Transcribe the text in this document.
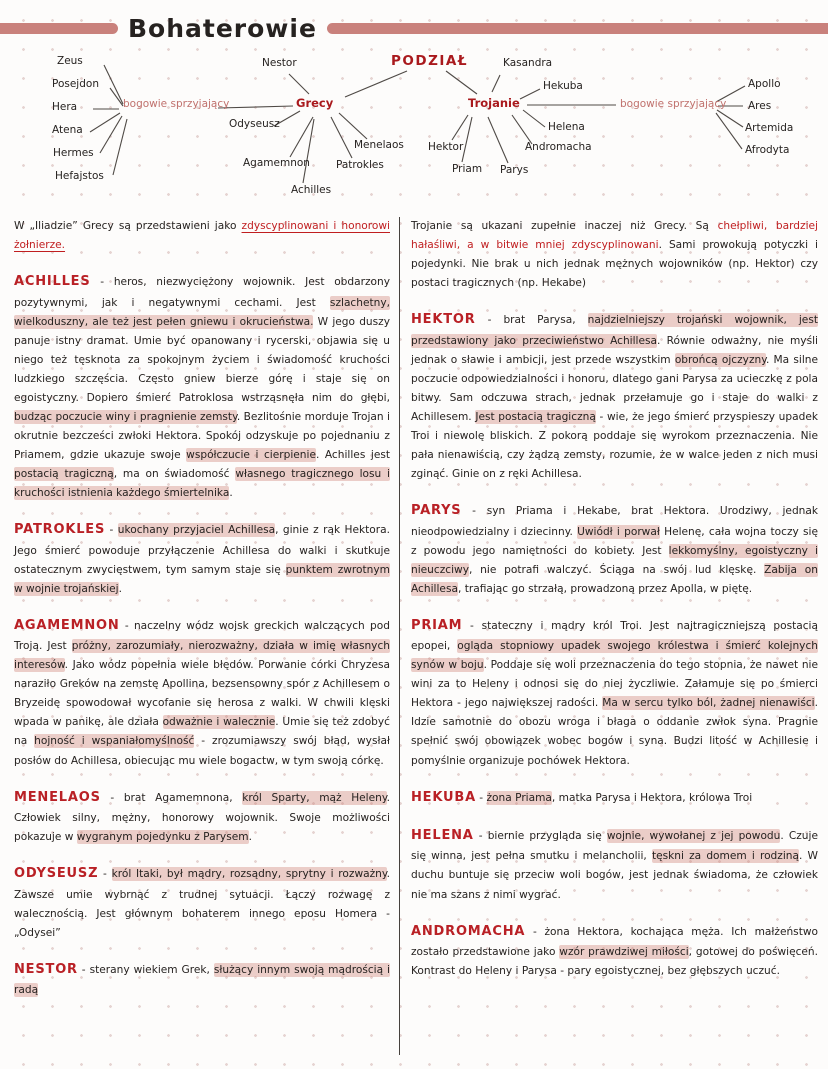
Bohaterowie
PODZIAŁ
bogowie sprzyjający	bogowie sprzyjający
Grecy	Trojanie
Zeus
Posejdon
Hera
Atena
Hermes
Hefajstos
Nestor
Odyseusz
Agamemnon
Achilles
Patrokles
Menelaos
Kasandra
Hekuba
Helena
Andromacha
Hektor
Priam Parys
Apollo
Ares
Artemida
Afrodyta

W „Iliadzie” Grecy są przedstawieni jako zdyscyplinowani i honorowi żołnierze.

ACHILLES - heros, niezwyciężony wojownik. Jest obdarzony pozytywnymi, jak i negatywnymi cechami. Jest szlachetny, wielkoduszny, ale też jest pełen gniewu i okrucieństwa. W jego duszy panuje istny dramat. Umie być opanowany i rycerski, objawia się u niego też tęsknota za spokojnym życiem i świadomość kruchości ludzkiego szczęścia. Często gniew bierze górę i staje się on egoistyczny. Dopiero śmierć Patroklosa wstrząsnęła nim do głębi, budząc poczucie winy i pragnienie zemsty. Bezlitośnie morduje Trojan i okrutnie bezcześci zwłoki Hektora. Spokój odzyskuje po pojednaniu z Priamem, gdzie ukazuje swoje współczucie i cierpienie. Achilles jest postacią tragiczną, ma on świadomość własnego tragicznego losu i kruchości istnienia każdego śmiertelnika.

PATROKLES - ukochany przyjaciel Achillesa, ginie z rąk Hektora. Jego śmierć powoduje przyłączenie Achillesa do walki i skutkuje ostatecznym zwycięstwem, tym samym staje się punktem zwrotnym w wojnie trojańskiej.

AGAMEMNON - naczelny wódz wojsk greckich walczących pod Troją. Jest próżny, zarozumiały, nierozważny, działa w imię własnych interesów. Jako wódz popełnia wiele błędów. Porwanie córki Chryzesa naraziło Greków na zemstę Apollina, bezsensowny spór z Achillesem o Bryzeidę spowodował wycofanie się herosa z walki. W chwili klęski wpada w panikę, ale działa odważnie i walecznie. Umie się też zdobyć na hojność i wspaniałomyślność - zrozumiawszy swój błąd, wysłał posłów do Achillesa, obiecując mu wiele bogactw, w tym swoją córkę.

MENELAOS - brat Agamemnona, król Sparty, mąż Heleny. Człowiek silny, mężny, honorowy wojownik. Swoje możliwości pokazuje w wygranym pojedynku z Parysem.

ODYSEUSZ - król Itaki, był mądry, rozsądny, sprytny i rozważny. Zawsze umie wybrnąć z trudnej sytuacji. Łączy rozwagę z walecznością. Jest głównym bohaterem innego eposu Homera - „Odysei”

NESTOR - sterany wiekiem Grek, służący innym swoją mądrością i radą

Trojanie są ukazani zupełnie inaczej niż Grecy. Są chełpliwi, bardziej hałaśliwi, a w bitwie mniej zdyscyplinowani. Sami prowokują potyczki i pojedynki. Nie brak u nich jednak mężnych wojowników (np. Hektor) czy postaci tragicznych (np. Hekabe)

HEKTOR - brat Parysa, najdzielniejszy trojański wojownik, jest przedstawiony jako przeciwieństwo Achillesa. Równie odważny, nie myśli jednak o sławie i ambicji, jest przede wszystkim obrońcą ojczyzny. Ma silne poczucie odpowiedzialności i honoru, dlatego gani Parysa za ucieczkę z pola bitwy. Sam odczuwa strach, jednak przełamuje go i staje do walki z Achillesem. Jest postacią tragiczną - wie, że jego śmierć przyspieszy upadek Troi i niewolę bliskich. Z pokorą poddaje się wyrokom przeznaczenia. Nie pała nienawiścią, czy żądzą zemsty, rozumie, że w walce jeden z nich musi zginąć. Ginie on z ręki Achillesa.

PARYS - syn Priama i Hekabe, brat Hektora. Urodziwy, jednak nieodpowiedzialny i dziecinny. Uwiódł i porwał Helenę, cała wojna toczy się z powodu jego namiętności do kobiety. Jest lekkomyślny, egoistyczny i nieuczciwy, nie potrafi walczyć. Ściąga na swój lud klęskę. Zabija on Achillesa, trafiając go strzałą, prowadzoną przez Apolla, w piętę.

PRIAM - stateczny i mądry król Troi. Jest najtragiczniejszą postacią epopei, ogląda stopniowy upadek swojego królestwa i śmierć kolejnych synów w boju. Poddaje się woli przeznaczenia do tego stopnia, że nawet nie wini za to Heleny i odnosi się do niej życzliwie. Załamuje się po śmierci Hektora - jego największej radości. Ma w sercu tylko ból, żadnej nienawiści. Idzie samotnie do obozu wroga i błaga o oddanie zwłok syna. Pragnie spełnić swój obowiązek wobec bogów i syna. Budzi litość w Achillesie i pomyślnie organizuje pochówek Hektora.

HEKUBA - żona Priama, matka Parysa i Hektora, królowa Troi

HELENA - biernie przygląda się wojnie, wywołanej z jej powodu. Czuje się winna, jest pełna smutku i melancholii, tęskni za domem i rodziną. W duchu buntuje się przeciw woli bogów, jest jednak świadoma, że człowiek nie ma szans z nimi wygrać.

ANDROMACHA - żona Hektora, kochająca męża. Ich małżeństwo zostało przedstawione jako wzór prawdziwej miłości, gotowej do poświęceń. Kontrast do Heleny i Parysa - pary egoistycznej, bez głębszych uczuć.
